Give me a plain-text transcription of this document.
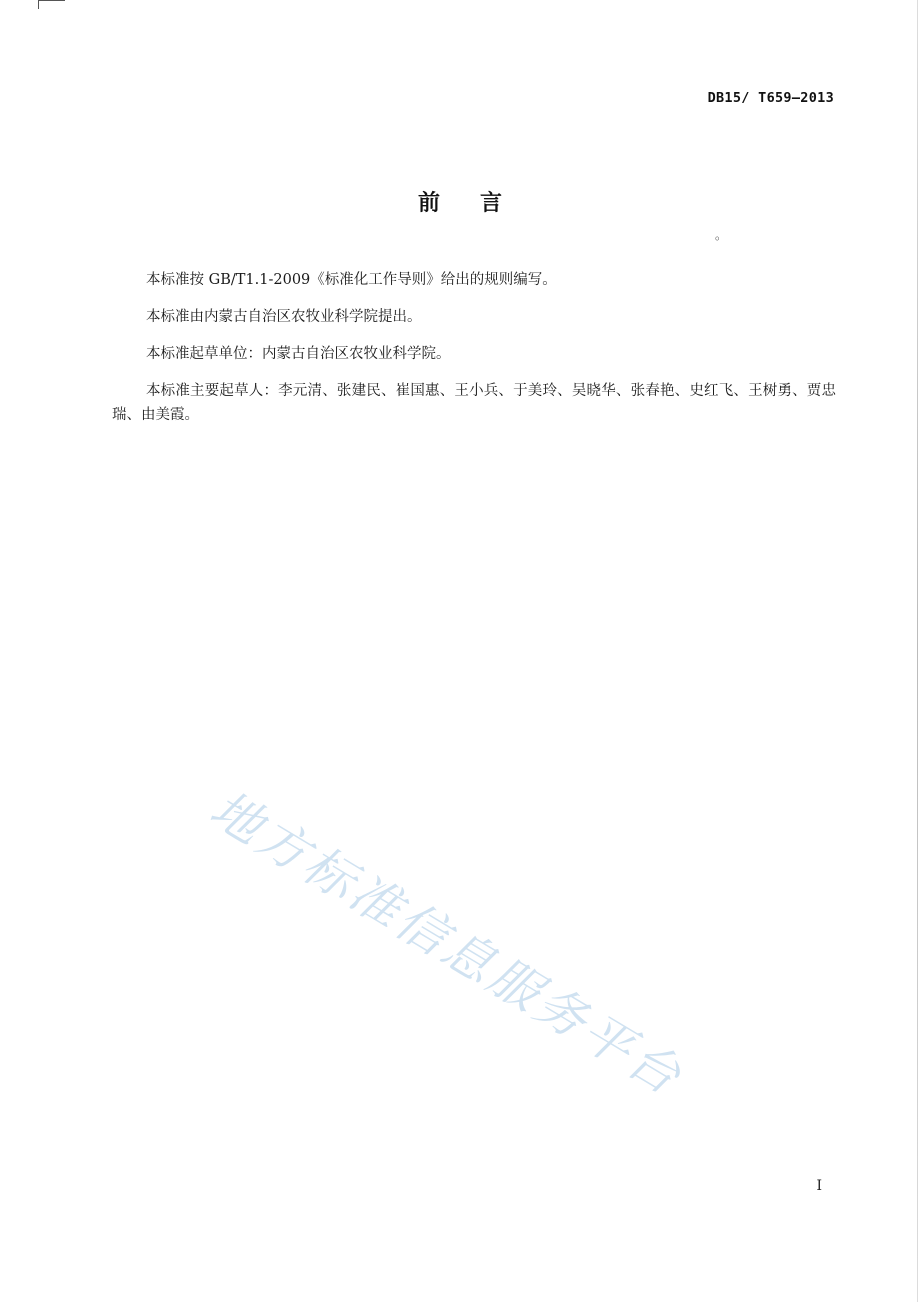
DB15/ T659—2013
前言
。

本标准按 GB/T1.1-2009《标准化工作导则》给出的规则编写。

本标准由内蒙古自治区农牧业科学院提出。

本标准起草单位：内蒙古自治区农牧业科学院。

本标准主要起草人：李元清、张建民、崔国惠、王小兵、于美玲、吴晓华、张春艳、史红飞、王树勇、贾忠瑞、由美霞。

地方标准信息服务平台
I
